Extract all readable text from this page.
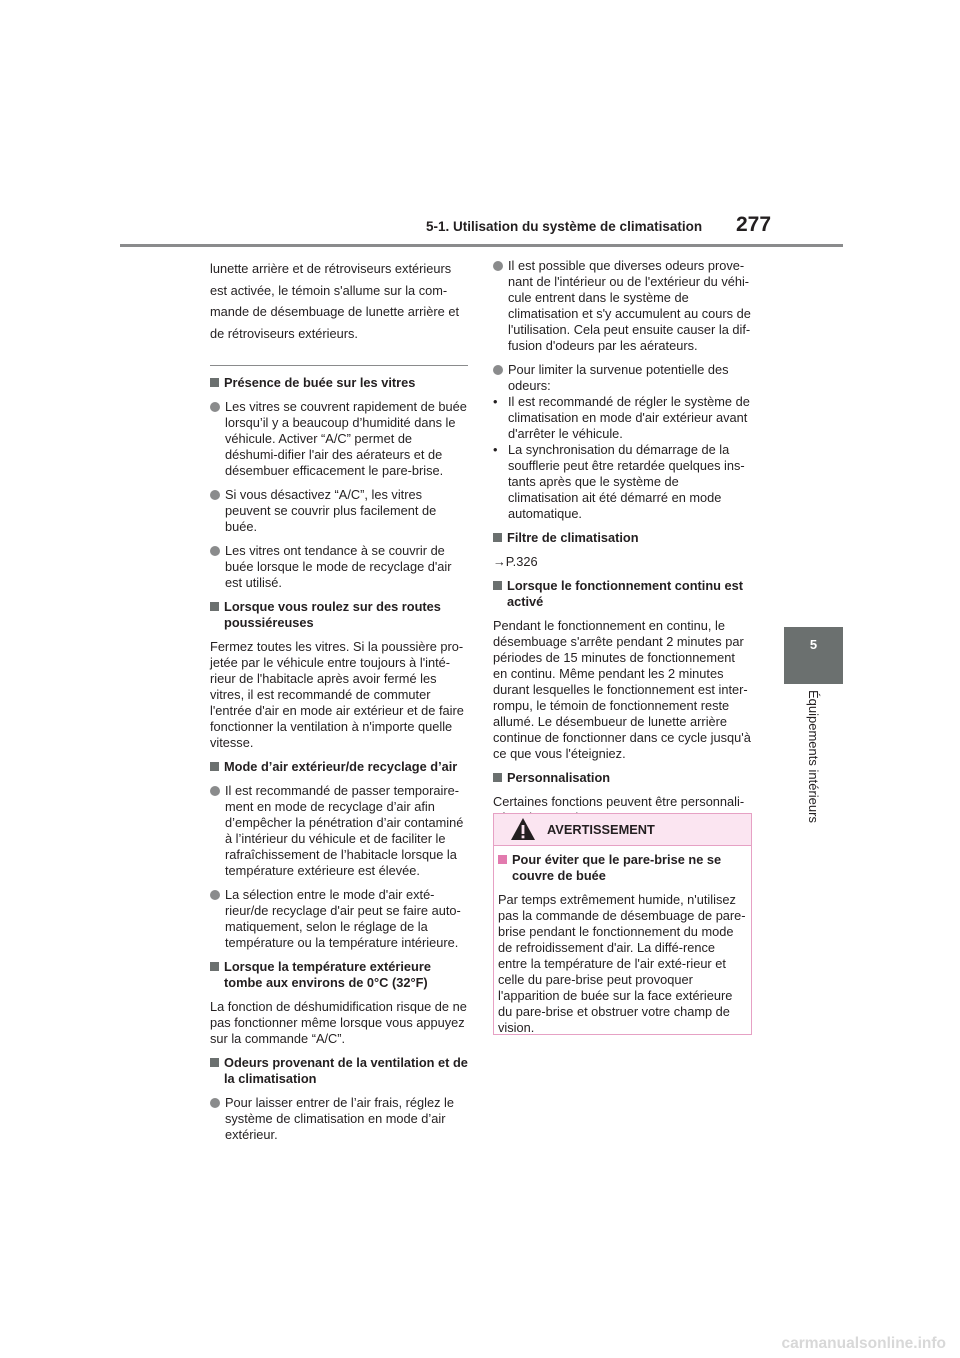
5-1. Utilisation du système de climatisation 277
5
Équipements intérieurs

lunette arrière et de rétroviseurs extérieurs

est activée, le témoin s'allume sur la com-

mande de désembuage de lunette arrière et

de rétroviseurs extérieurs.

Présence de buée sur les vitres
Les vitres se couvrent rapidement de buée lorsqu’il y a beaucoup d’humidité dans le véhicule. Activer “A/C” permet de déshumi-difier l'air des aérateurs et de désembuer efficacement le pare-brise.
Si vous désactivez “A/C”, les vitres peuvent se couvrir plus facilement de buée.
Les vitres ont tendance à se couvrir de buée lorsque le mode de recyclage d'air est utilisé.
Lorsque vous roulez sur des routes poussiéreuses

Fermez toutes les vitres. Si la poussière pro-jetée par le véhicule entre toujours à l'inté-rieur de l'habitacle après avoir fermé les vitres, il est recommandé de commuter l'entrée d'air en mode air extérieur et de faire fonctionner la ventilation à n'importe quelle vitesse.

Mode d’air extérieur/de recyclage d’air
Il est recommandé de passer temporaire-ment en mode de recyclage d’air afin d’empêcher la pénétration d’air contaminé à l’intérieur du véhicule et de faciliter le rafraîchissement de l’habitacle lorsque la température extérieure est élevée.
La sélection entre le mode d'air exté-rieur/de recyclage d'air peut se faire auto-matiquement, selon le réglage de la température ou la température intérieure.
Lorsque la température extérieure tombe aux environs de 0°C (32°F)

La fonction de déshumidification risque de ne pas fonctionner même lorsque vous appuyez sur la commande “A/C”.

Odeurs provenant de la ventilation et de la climatisation
Pour laisser entrer de l’air frais, réglez le système de climatisation en mode d’air extérieur.
Il est possible que diverses odeurs prove-nant de l'intérieur ou de l'extérieur du véhi-cule entrent dans le système de climatisation et s'y accumulent au cours de l'utilisation. Cela peut ensuite causer la dif-fusion d'odeurs par les aérateurs.
Pour limiter la survenue potentielle des odeurs:
• Il est recommandé de régler le système de climatisation en mode d'air extérieur avant d'arrêter le véhicule.
• La synchronisation du démarrage de la soufflerie peut être retardée quelques ins-tants après que le système de climatisation ait été démarré en mode automatique.
Filtre de climatisation

→P.326

Lorsque le fonctionnement continu est activé

Pendant le fonctionnement en continu, le désembuage s'arrête pendant 2 minutes par périodes de 15 minutes de fonctionnement en continu. Même pendant les 2 minutes durant lesquelles le fonctionnement est inter-rompu, le témoin de fonctionnement reste allumé. Le désembueur de lunette arrière continue de fonctionner dans ce cycle jusqu'à ce que vous l'éteigniez.

Personnalisation

Certaines fonctions peuvent être personnali-

AVERTISSEMENT
Pour éviter que le pare-brise ne se couvre de buée

Par temps extrêmement humide, n'utilisez pas la commande de désembuage de pare-brise pendant le fonctionnement du mode de refroidissement d'air. La diffé-rence entre la température de l'air exté-rieur et celle du pare-brise peut provoquer l'apparition de buée sur la face extérieure du pare-brise et obstruer votre champ de vision.

carmanualsonline.info
